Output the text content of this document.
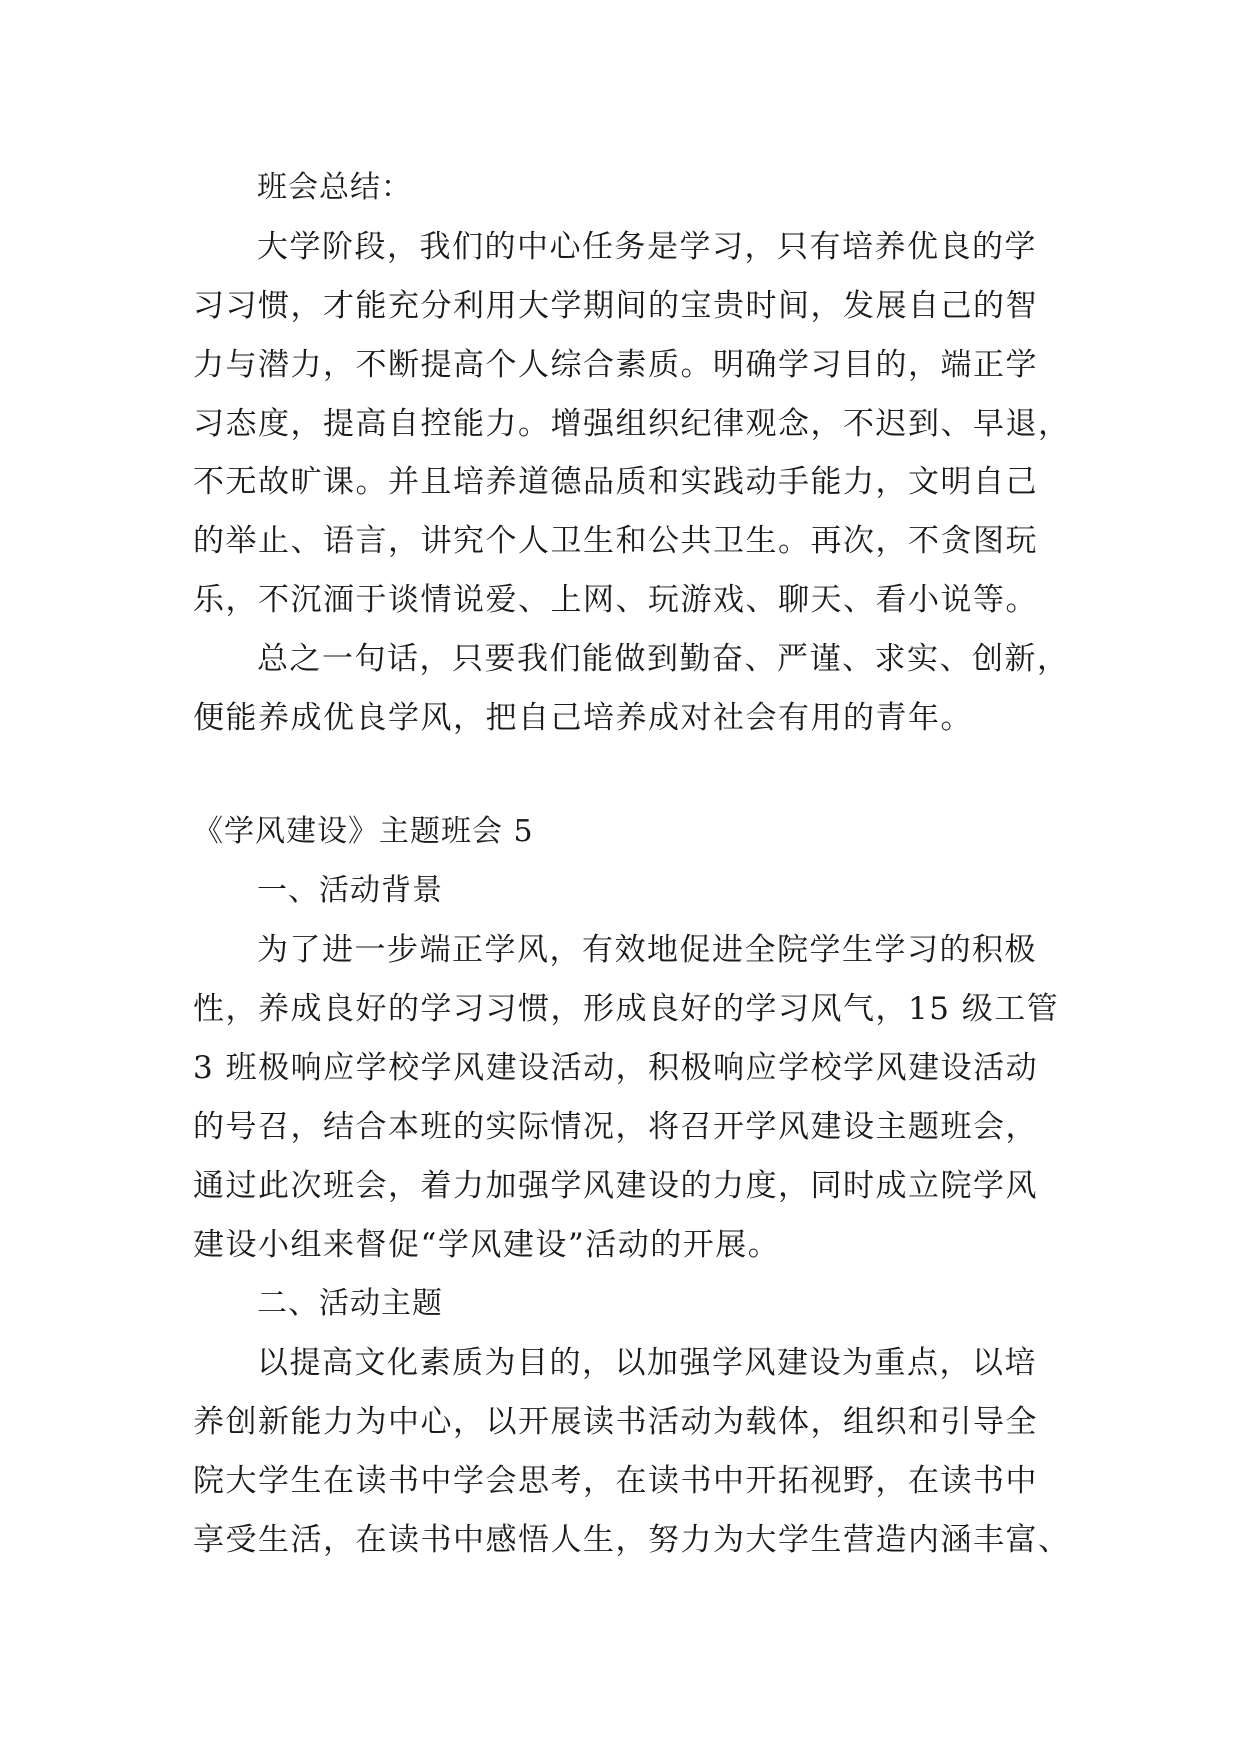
班会总结：
大学阶段，我们的中心任务是学习，只有培养优良的学
习习惯，才能充分利用大学期间的宝贵时间，发展自己的智
力与潜力，不断提高个人综合素质。明确学习目的，端正学
习态度，提高自控能力。增强组织纪律观念，不迟到、早退，
不无故旷课。并且培养道德品质和实践动手能力，文明自己
的举止、语言，讲究个人卫生和公共卫生。再次，不贪图玩
乐，不沉湎于谈情说爱、上网、玩游戏、聊天、看小说等。
总之一句话，只要我们能做到勤奋、严谨、求实、创新，
便能养成优良学风，把自己培养成对社会有用的青年。
《学风建设》主题班会 5
一、活动背景
为了进一步端正学风，有效地促进全院学生学习的积极
性，养成良好的学习习惯，形成良好的学习风气，15 级工管
3 班极响应学校学风建设活动，积极响应学校学风建设活动
的号召，结合本班的实际情况，将召开学风建设主题班会，
通过此次班会，着力加强学风建设的力度，同时成立院学风
建设小组来督促“学风建设”活动的开展。
二、活动主题
以提高文化素质为目的，以加强学风建设为重点，以培
养创新能力为中心，以开展读书活动为载体，组织和引导全
院大学生在读书中学会思考，在读书中开拓视野，在读书中
享受生活，在读书中感悟人生，努力为大学生营造内涵丰富、
